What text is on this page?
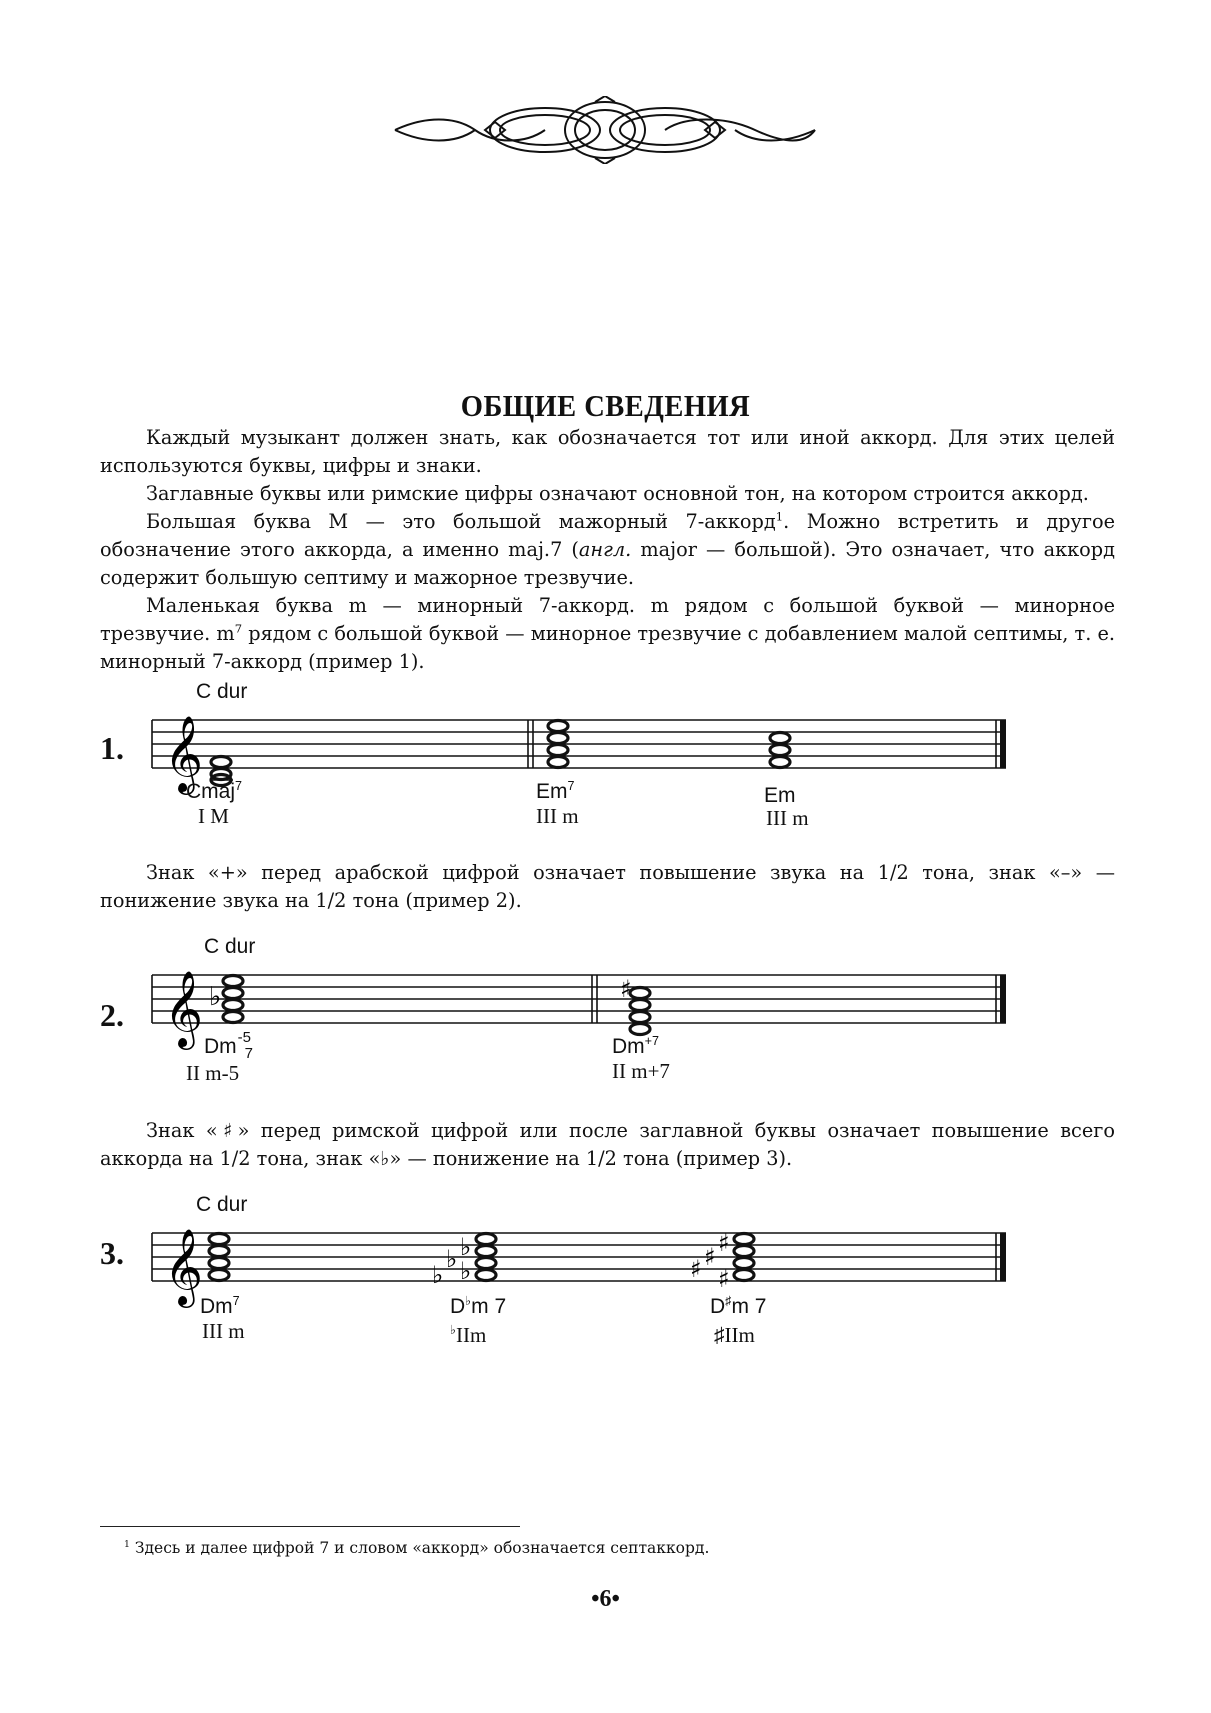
ОБЩИЕ СВЕДЕНИЯ

Каждый музыкант должен знать, как обозначается тот или иной аккорд. Для этих целей используются буквы, цифры и знаки.

Заглавные буквы или римские цифры означают основной тон, на котором строится аккорд.

Большая буква М — это большой мажорный 7-аккорд$^1$. Можно встретить и другое обозначение этого аккорда, а именно maj.7 (англ. major — большой). Это означает, что аккорд содержит большую септиму и мажорное трезвучие.

Маленькая буква m — минорный 7-аккорд. m рядом с большой буквой — минорное трезвучие. $m^7$ рядом с большой буквой — минорное трезвучие с добавлением малой септимы, т. е. минорный 7-аккорд (пример 1).

𝄞
1.
C dur
Cmaj$^7$
I M
Em$^7$
III m
Em
III m

Знак «+» перед арабской цифрой означает повышение звука на 1/2 тона, знак «–» — понижение звука на 1/2 тона (пример 2).

𝄞 ♭	♯
2.
C dur
Dm -5
7
II m-5
$Dm^{+7}$
II m+7

Знак «♯» перед римской цифрой или после заглавной буквы означает повышение всего аккорда на 1/2 тона, знак «♭» — понижение на 1/2 тона (пример 3).

𝄞	♭
♭ ♭
♭	♯ ♯ ♯
♯
3.
C dur
Dm$^7$
III m
D♭m 7
♭IIm
D♯m 7
♯IIm
$^1$ Здесь и далее цифрой 7 и словом «аккорд» обозначается септаккорд.
•6•
